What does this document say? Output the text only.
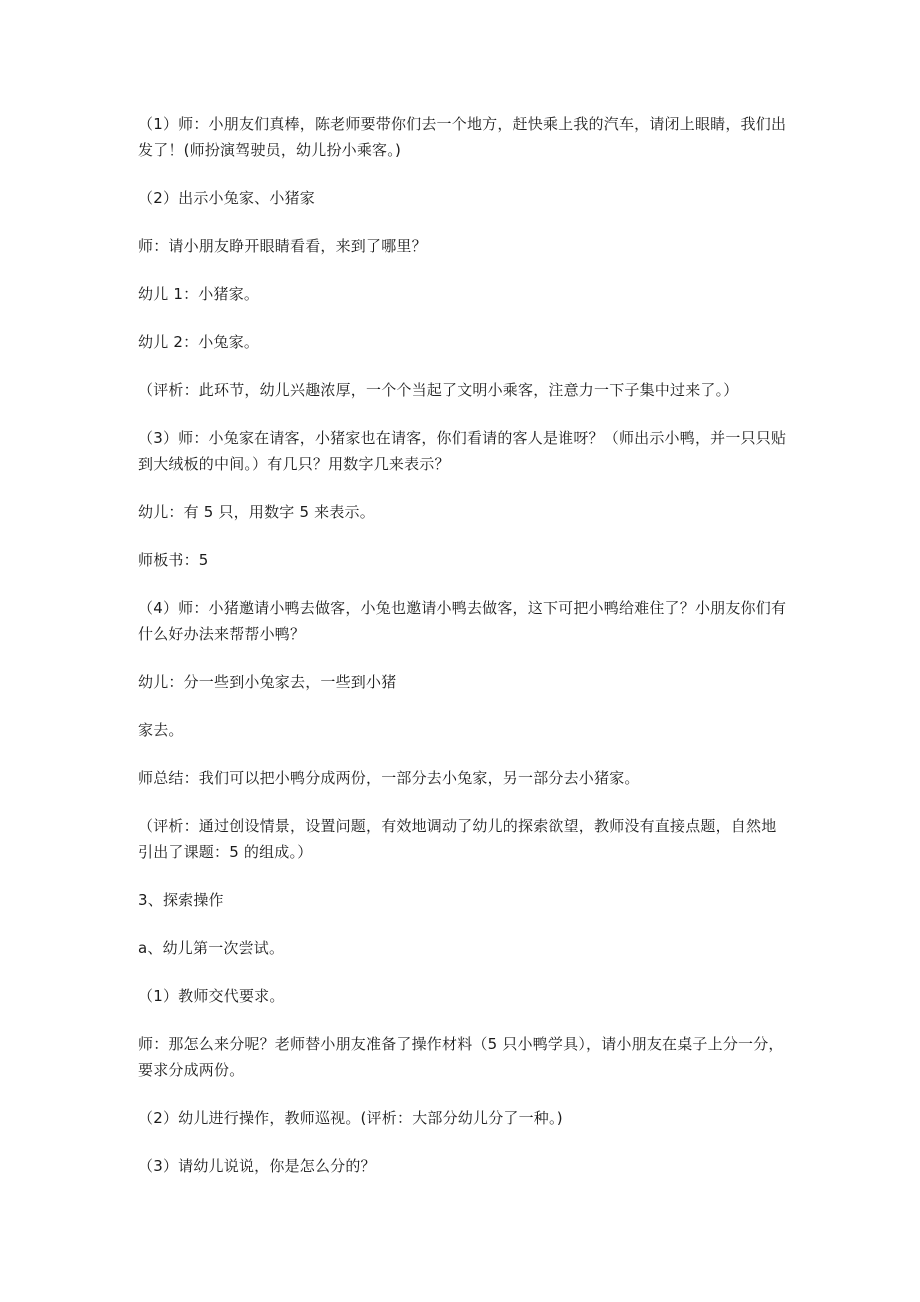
（1）师：小朋友们真棒，陈老师要带你们去一个地方，赶快乘上我的汽车，请闭上眼睛，我们出发了！(师扮演驾驶员，幼儿扮小乘客。)

（2）出示小兔家、小猪家

师：请小朋友睁开眼睛看看，来到了哪里？

幼儿 1：小猪家。

幼儿 2：小兔家。

（评析：此环节，幼儿兴趣浓厚，一个个当起了文明小乘客，注意力一下子集中过来了。）

（3）师：小兔家在请客，小猪家也在请客，你们看请的客人是谁呀？（师出示小鸭，并一只只贴到大绒板的中间。）有几只？用数字几来表示？

幼儿：有 5 只，用数字 5 来表示。

师板书：5

（4）师：小猪邀请小鸭去做客，小兔也邀请小鸭去做客，这下可把小鸭给难住了？小朋友你们有什么好办法来帮帮小鸭？

幼儿：分一些到小兔家去，一些到小猪

家去。

师总结：我们可以把小鸭分成两份，一部分去小兔家，另一部分去小猪家。

（评析：通过创设情景，设置问题，有效地调动了幼儿的探索欲望，教师没有直接点题，自然地引出了课题：5 的组成。）

3、探索操作

a、幼儿第一次尝试。

（1）教师交代要求。

师：那怎么来分呢？老师替小朋友准备了操作材料（5 只小鸭学具），请小朋友在桌子上分一分，要求分成两份。

（2）幼儿进行操作，教师巡视。(评析：大部分幼儿分了一种。)

（3）请幼儿说说，你是怎么分的？
